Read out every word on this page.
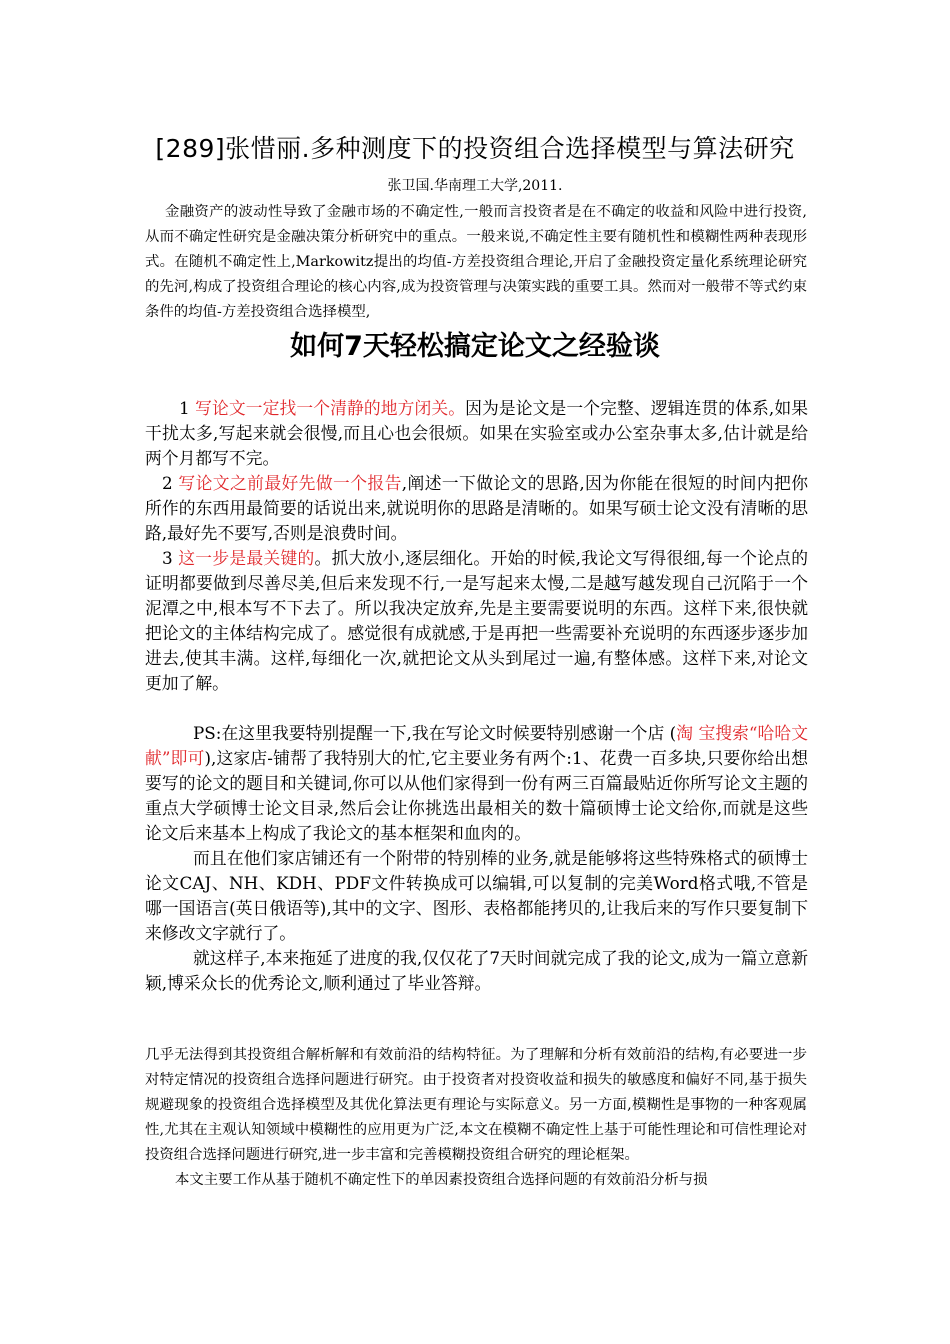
[289]张惜丽.多种测度下的投资组合选择模型与算法研究
张卫国.华南理工大学,2011.

金融资产的波动性导致了金融市场的不确定性,一般而言投资者是在不确定的收益和风险中进行投资,从而不确定性研究是金融决策分析研究中的重点。一般来说,不确定性主要有随机性和模糊性两种表现形式。在随机不确定性上,Markowitz提出的均值-方差投资组合理论,开启了金融投资定量化系统理论研究的先河,构成了投资组合理论的核心内容,成为投资管理与决策实践的重要工具。然而对一般带不等式约束条件的均值-方差投资组合选择模型,

如何7天轻松搞定论文之经验谈

1 写论文一定找一个清静的地方闭关。因为是论文是一个完整、逻辑连贯的体系,如果干扰太多,写起来就会很慢,而且心也会很烦。如果在实验室或办公室杂事太多,估计就是给两个月都写不完。

2 写论文之前最好先做一个报告,阐述一下做论文的思路,因为你能在很短的时间内把你所作的东西用最简要的话说出来,就说明你的思路是清晰的。如果写硕士论文没有清晰的思路,最好先不要写,否则是浪费时间。

3 这一步是最关键的。抓大放小,逐层细化。开始的时候,我论文写得很细,每一个论点的证明都要做到尽善尽美,但后来发现不行,一是写起来太慢,二是越写越发现自己沉陷于一个泥潭之中,根本写不下去了。所以我决定放弃,先是主要需要说明的东西。这样下来,很快就把论文的主体结构完成了。感觉很有成就感,于是再把一些需要补充说明的东西逐步逐步加进去,使其丰满。这样,每细化一次,就把论文从头到尾过一遍,有整体感。这样下来,对论文更加了解。

PS:在这里我要特别提醒一下,我在写论文时候要特别感谢一个店 (淘 宝搜索“哈哈文献”即可),这家店-铺帮了我特别大的忙,它主要业务有两个:1、花费一百多块,只要你给出想要写的论文的题目和关键词,你可以从他们家得到一份有两三百篇最贴近你所写论文主题的重点大学硕博士论文目录,然后会让你挑选出最相关的数十篇硕博士论文给你,而就是这些论文后来基本上构成了我论文的基本框架和血肉的。

而且在他们家店铺还有一个附带的特别棒的业务,就是能够将这些特殊格式的硕博士论文CAJ、NH、KDH、PDF文件转换成可以编辑,可以复制的完美Word格式哦,不管是哪一国语言(英日俄语等),其中的文字、图形、表格都能拷贝的,让我后来的写作只要复制下来修改文字就行了。

就这样子,本来拖延了进度的我,仅仅花了7天时间就完成了我的论文,成为一篇立意新颖,博采众长的优秀论文,顺利通过了毕业答辩。

几乎无法得到其投资组合解析解和有效前沿的结构特征。为了理解和分析有效前沿的结构,有必要进一步对特定情况的投资组合选择问题进行研究。由于投资者对投资收益和损失的敏感度和偏好不同,基于损失规避现象的投资组合选择模型及其优化算法更有理论与实际意义。另一方面,模糊性是事物的一种客观属性,尤其在主观认知领域中模糊性的应用更为广泛,本文在模糊不确定性上基于可能性理论和可信性理论对投资组合选择问题进行研究,进一步丰富和完善模糊投资组合研究的理论框架。

本文主要工作从基于随机不确定性下的单因素投资组合选择问题的有效前沿分析与损
